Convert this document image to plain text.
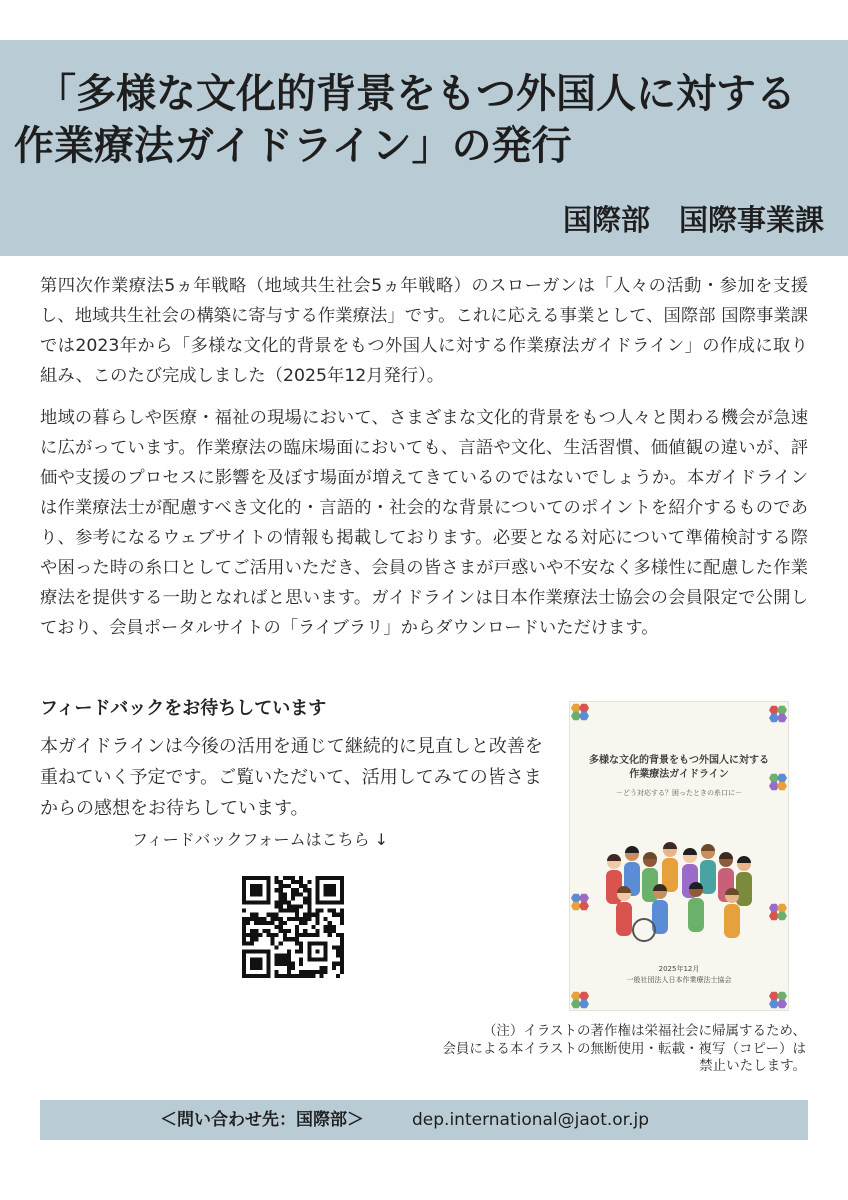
「多様な文化的背景をもつ外国人に対する
作業療法ガイドライン」の発行
国際部　国際事業課

第四次作業療法5ヵ年戦略（地域共生社会5ヵ年戦略）のスローガンは「人々の活動・参加を支援し、地域共生社会の構築に寄与する作業療法」です。これに応える事業として、国際部 国際事業課では2023年から「多様な文化的背景をもつ外国人に対する作業療法ガイドライン」の作成に取り組み、このたび完成しました（2025年12月発行）。

地域の暮らしや医療・福祉の現場において、さまざまな文化的背景をもつ人々と関わる機会が急速に広がっています。作業療法の臨床場面においても、言語や文化、生活習慣、価値観の違いが、評価や支援のプロセスに影響を及ぼす場面が増えてきているのではないでしょうか。本ガイドラインは作業療法士が配慮すべき文化的・言語的・社会的な背景についてのポイントを紹介するものであり、参考になるウェブサイトの情報も掲載しております。必要となる対応について準備検討する際や困った時の糸口としてご活用いただき、会員の皆さまが戸惑いや不安なく多様性に配慮した作業療法を提供する一助となればと思います。ガイドラインは日本作業療法士協会の会員限定で公開しており、会員ポータルサイトの「ライブラリ」からダウンロードいただけます。

フィードバックをお待ちしています

本ガイドラインは今後の活用を通じて継続的に見直しと改善を重ねていく予定です。ご覧いただいて、活用してみての皆さまからの感想をお待ちしています。

フィードバックフォームはこちら ↓
多様な文化的背景をもつ外国人に対する
作業療法ガイドライン
－どう対応する？困ったときの糸口に－
2025年12月
一般社団法人日本作業療法士協会
（注）イラストの著作権は栄福社会に帰属するため、
会員による本イラストの無断使用・転載・複写（コピー）は
禁止いたします。
＜問い合わせ先：国際部＞	dep.international@jaot.or.jp
